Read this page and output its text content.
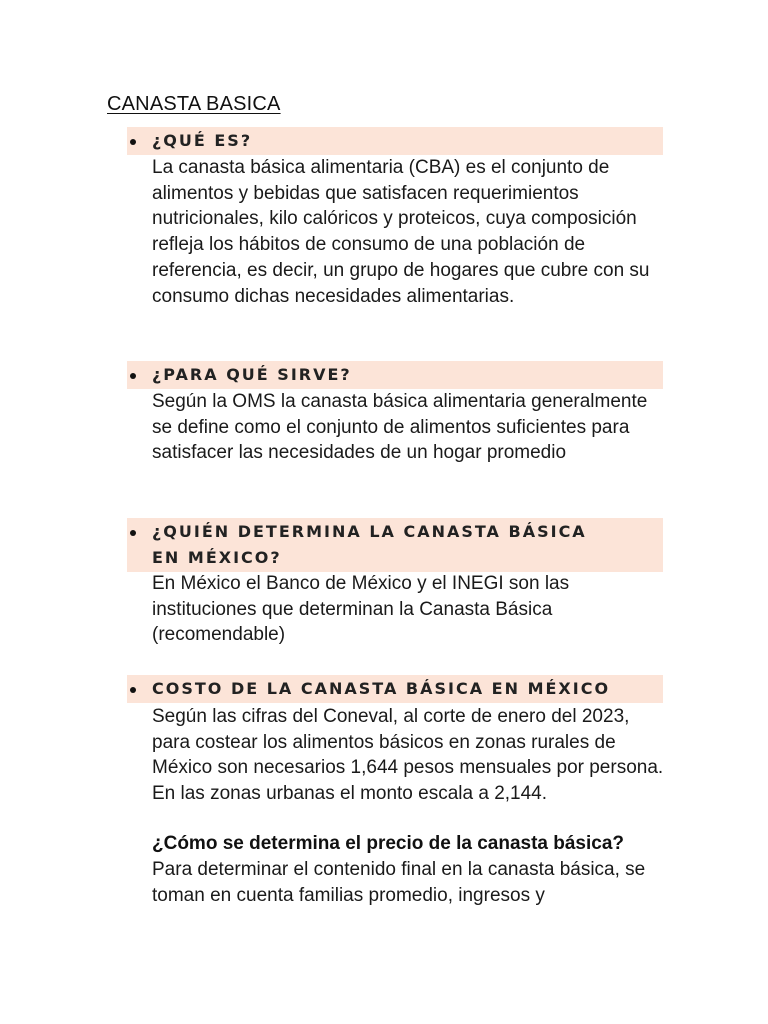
CANASTA BASICA
¿QUÉ ES?
La canasta básica alimentaria (CBA) es el conjunto de alimentos y bebidas que satisfacen requerimientos nutricionales, kilo calóricos y proteicos, cuya composición refleja los hábitos de consumo de una población de referencia, es decir, un grupo de hogares que cubre con su consumo dichas necesidades alimentarias.
¿PARA QUÉ SIRVE?
Según la OMS la canasta básica alimentaria generalmente se define como el conjunto de alimentos suficientes para satisfacer las necesidades de un hogar promedio
¿QUIÉN DETERMINA LA CANASTA BÁSICA EN MÉXICO?
En México el Banco de México y el INEGI son las instituciones que determinan la Canasta Básica (recomendable)
COSTO DE LA CANASTA BÁSICA EN MÉXICO
Según las cifras del Coneval, al corte de enero del 2023, para costear los alimentos básicos en zonas rurales de México son necesarios 1,644 pesos mensuales por persona. En las zonas urbanas el monto escala a 2,144.
¿Cómo se determina el precio de la canasta básica?
Para determinar el contenido final en la canasta básica, se toman en cuenta familias promedio, ingresos y
